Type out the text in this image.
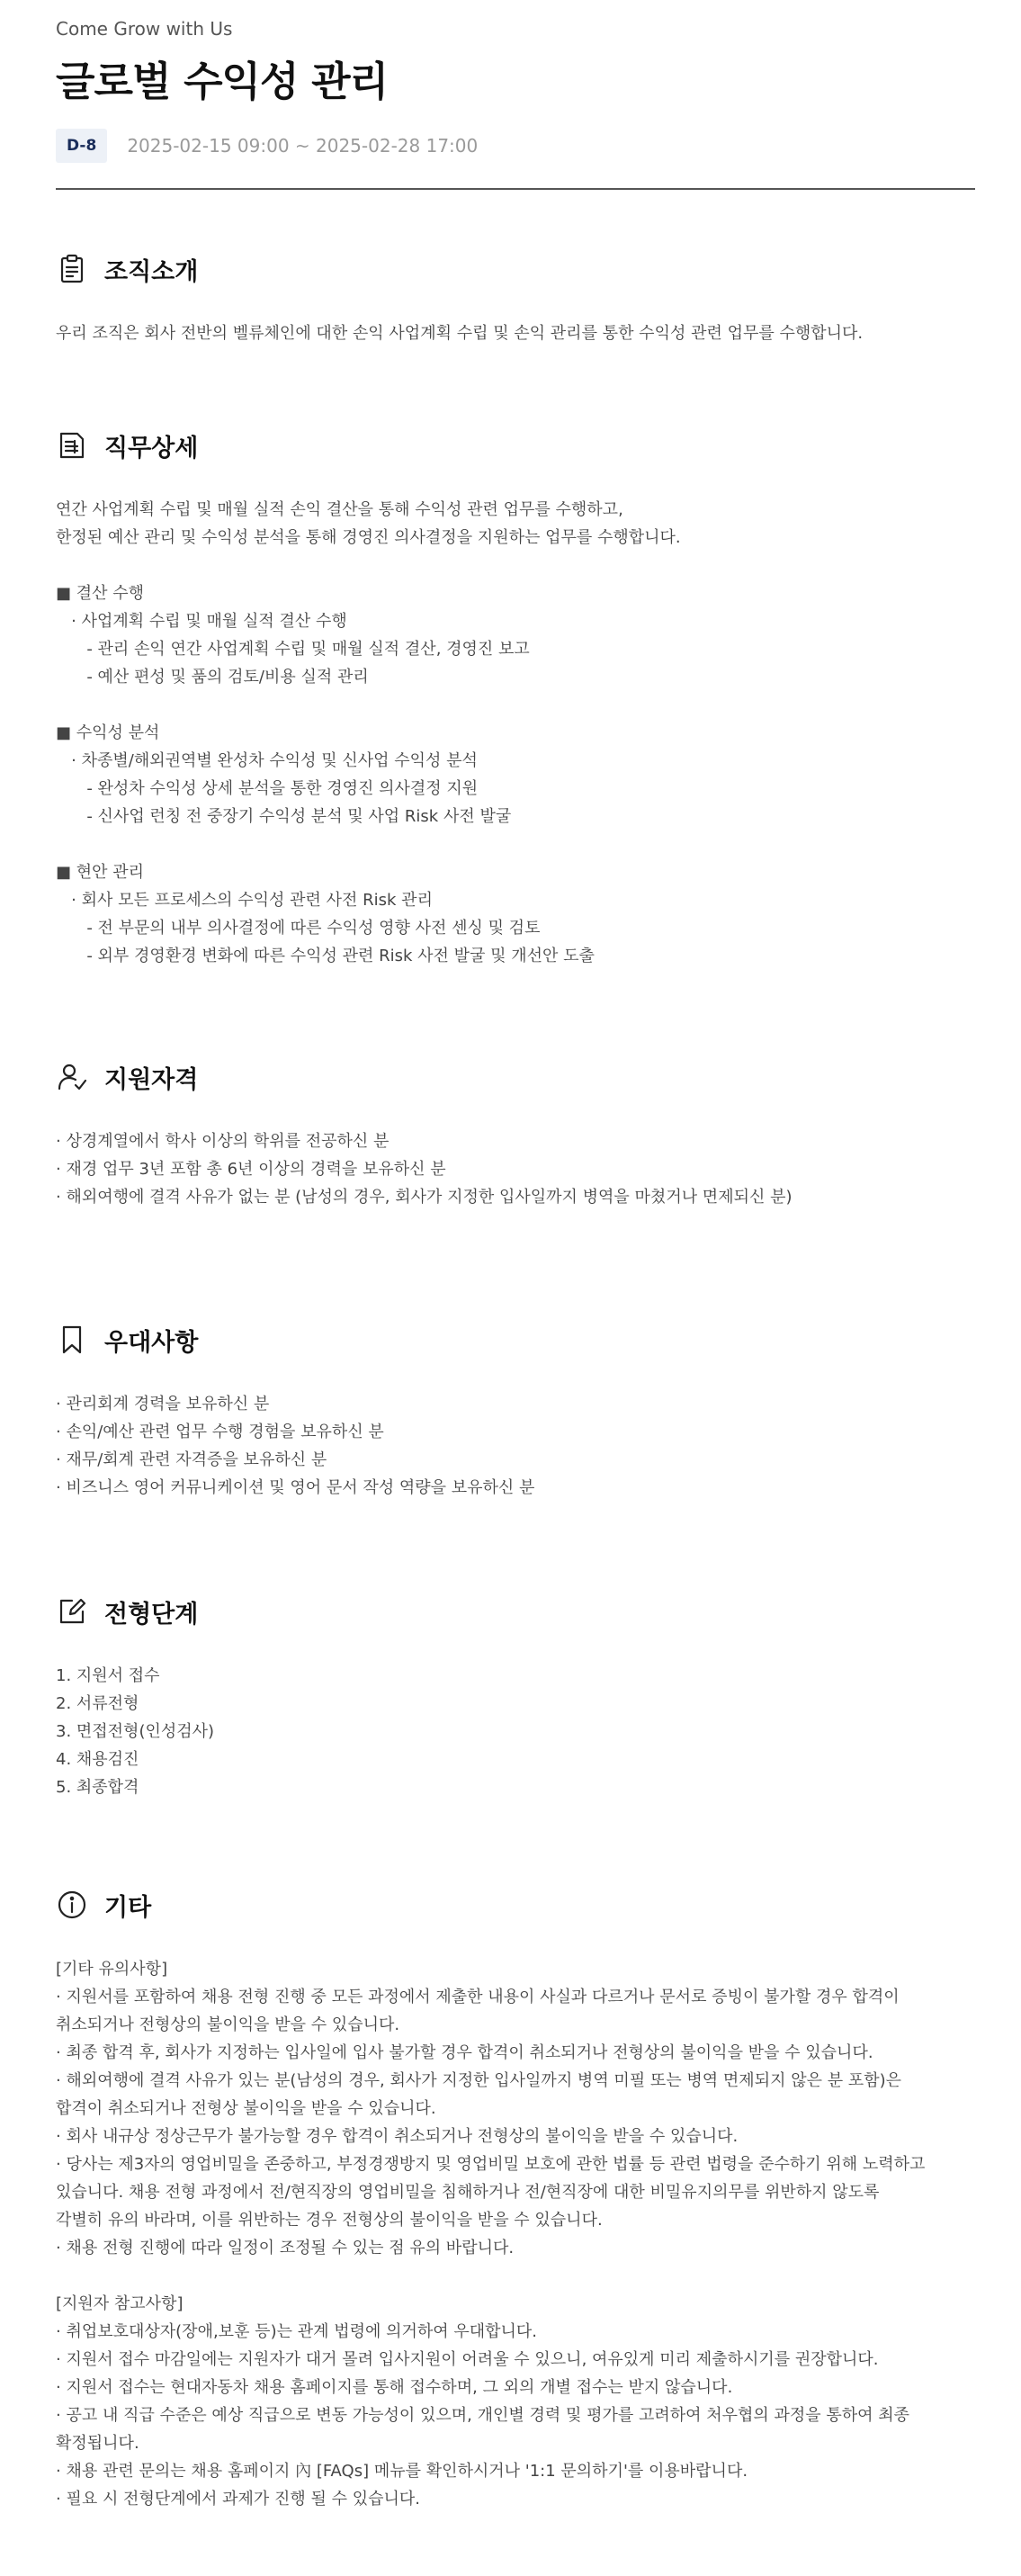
Come Grow with Us
글로벌 수익성 관리
D-8	2025-02-15 09:00 ~ 2025-02-28 17:00
조직소개
우리 조직은 회사 전반의 벨류체인에 대한 손익 사업계획 수립 및 손익 관리를 통한 수익성 관련 업무를 수행합니다.
직무상세
연간 사업계획 수립 및 매월 실적 손익 결산을 통해 수익성 관련 업무를 수행하고,
한정된 예산 관리 및 수익성 분석을 통해 경영진 의사결정을 지원하는 업무를 수행합니다.
■ 결산 수행
· 사업계획 수립 및 매월 실적 결산 수행
- 관리 손익 연간 사업계획 수립 및 매월 실적 결산, 경영진 보고
- 예산 편성 및 품의 검토/비용 실적 관리
■ 수익성 분석
· 차종별/해외권역별 완성차 수익성 및 신사업 수익성 분석
- 완성차 수익성 상세 분석을 통한 경영진 의사결정 지원
- 신사업 런칭 전 중장기 수익성 분석 및 사업 Risk 사전 발굴
■ 현안 관리
· 회사 모든 프로세스의 수익성 관련 사전 Risk 관리
- 전 부문의 내부 의사결정에 따른 수익성 영향 사전 센싱 및 검토
- 외부 경영환경 변화에 따른 수익성 관련 Risk 사전 발굴 및 개선안 도출
지원자격
· 상경계열에서 학사 이상의 학위를 전공하신 분
· 재경 업무 3년 포함 총 6년 이상의 경력을 보유하신 분
· 해외여행에 결격 사유가 없는 분 (남성의 경우, 회사가 지정한 입사일까지 병역을 마쳤거나 면제되신 분)
우대사항
· 관리회계 경력을 보유하신 분
· 손익/예산 관련 업무 수행 경험을 보유하신 분
· 재무/회계 관련 자격증을 보유하신 분
· 비즈니스 영어 커뮤니케이션 및 영어 문서 작성 역량을 보유하신 분
전형단계
1. 지원서 접수
2. 서류전형
3. 면접전형(인성검사)
4. 채용검진
5. 최종합격
기타
[기타 유의사항]
· 지원서를 포함하여 채용 전형 진행 중 모든 과정에서 제출한 내용이 사실과 다르거나 문서로 증빙이 불가할 경우 합격이
취소되거나 전형상의 불이익을 받을 수 있습니다.
· 최종 합격 후, 회사가 지정하는 입사일에 입사 불가할 경우 합격이 취소되거나 전형상의 불이익을 받을 수 있습니다.
· 해외여행에 결격 사유가 있는 분(남성의 경우, 회사가 지정한 입사일까지 병역 미필 또는 병역 면제되지 않은 분 포함)은
합격이 취소되거나 전형상 불이익을 받을 수 있습니다.
· 회사 내규상 정상근무가 불가능할 경우 합격이 취소되거나 전형상의 불이익을 받을 수 있습니다.
· 당사는 제3자의 영업비밀을 존중하고, 부정경쟁방지 및 영업비밀 보호에 관한 법률 등 관련 법령을 준수하기 위해 노력하고
있습니다. 채용 전형 과정에서 전/현직장의 영업비밀을 침해하거나 전/현직장에 대한 비밀유지의무를 위반하지 않도록
각별히 유의 바라며, 이를 위반하는 경우 전형상의 불이익을 받을 수 있습니다.
· 채용 전형 진행에 따라 일정이 조정될 수 있는 점 유의 바랍니다.
[지원자 참고사항]
· 취업보호대상자(장애,보훈 등)는 관계 법령에 의거하여 우대합니다.
· 지원서 접수 마감일에는 지원자가 대거 몰려 입사지원이 어려울 수 있으니, 여유있게 미리 제출하시기를 권장합니다.
· 지원서 접수는 현대자동차 채용 홈페이지를 통해 접수하며, 그 외의 개별 접수는 받지 않습니다.
· 공고 내 직급 수준은 예상 직급으로 변동 가능성이 있으며, 개인별 경력 및 평가를 고려하여 처우협의 과정을 통하여 최종
확정됩니다.
· 채용 관련 문의는 채용 홈페이지 內 [FAQs] 메뉴를 확인하시거나 '1:1 문의하기'를 이용바랍니다.
· 필요 시 전형단계에서 과제가 진행 될 수 있습니다.
